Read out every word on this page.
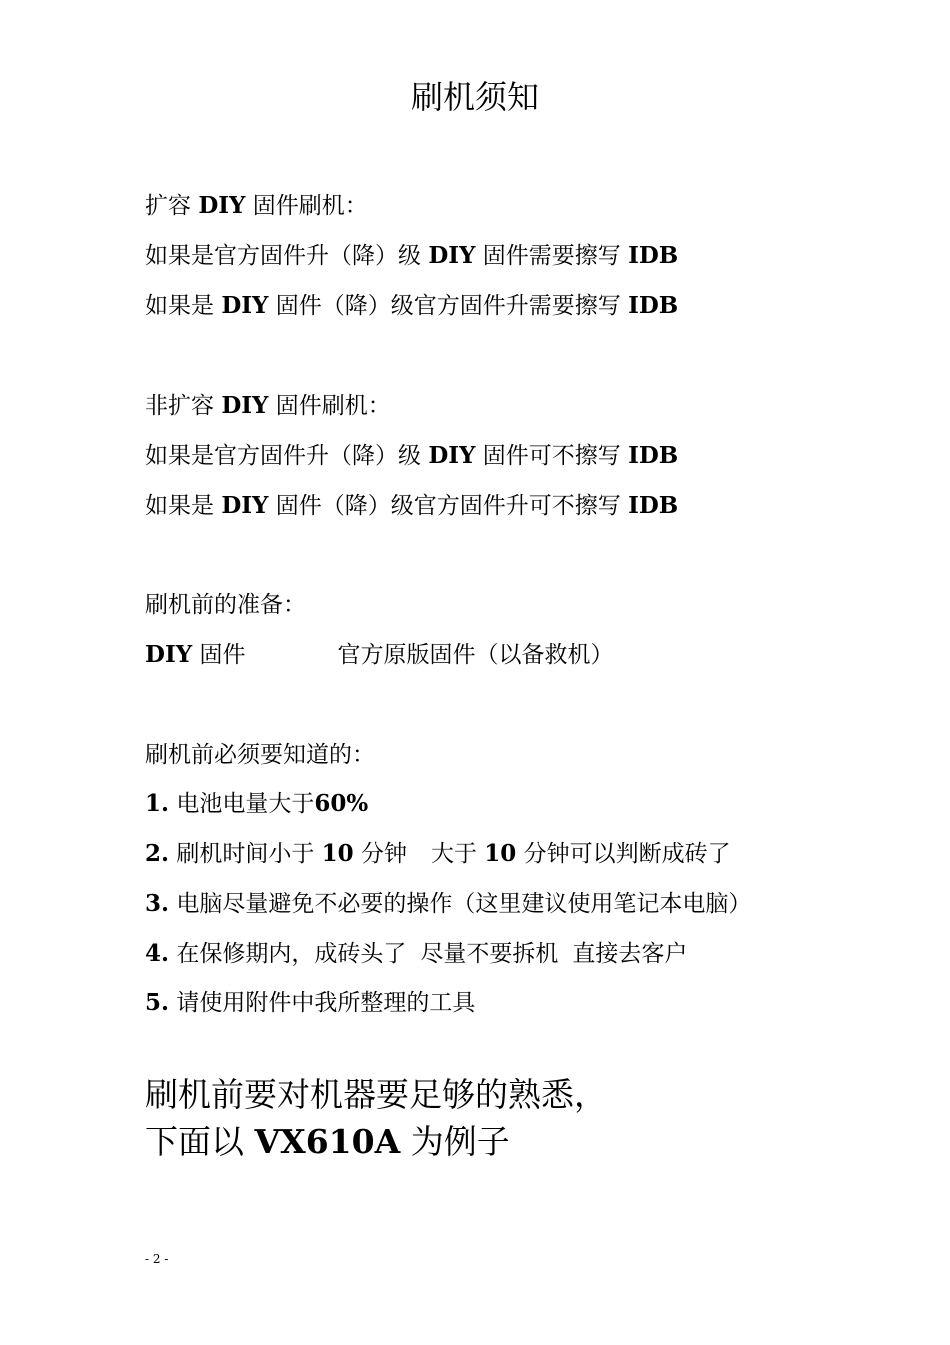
刷机须知
扩容 DIY 固件刷机：
如果是官方固件升（降）级 DIY 固件需要擦写 IDB
如果是 DIY 固件（降）级官方固件升需要擦写 IDB
非扩容 DIY 固件刷机：
如果是官方固件升（降）级 DIY 固件可不擦写 IDB
如果是 DIY 固件（降）级官方固件升可不擦写 IDB
刷机前的准备：
DIY 固件	官方原版固件（以备救机）
刷机前必须要知道的：
1. 电池电量大于60%
2. 刷机时间小于 10 分钟 大于 10 分钟可以判断成砖了
3. 电脑尽量避免不必要的操作（这里建议使用笔记本电脑）
4. 在保修期内，成砖头了 尽量不要拆机 直接去客户
5. 请使用附件中我所整理的工具
刷机前要对机器要足够的熟悉，
下面以 VX610A 为例子
- 2 -
